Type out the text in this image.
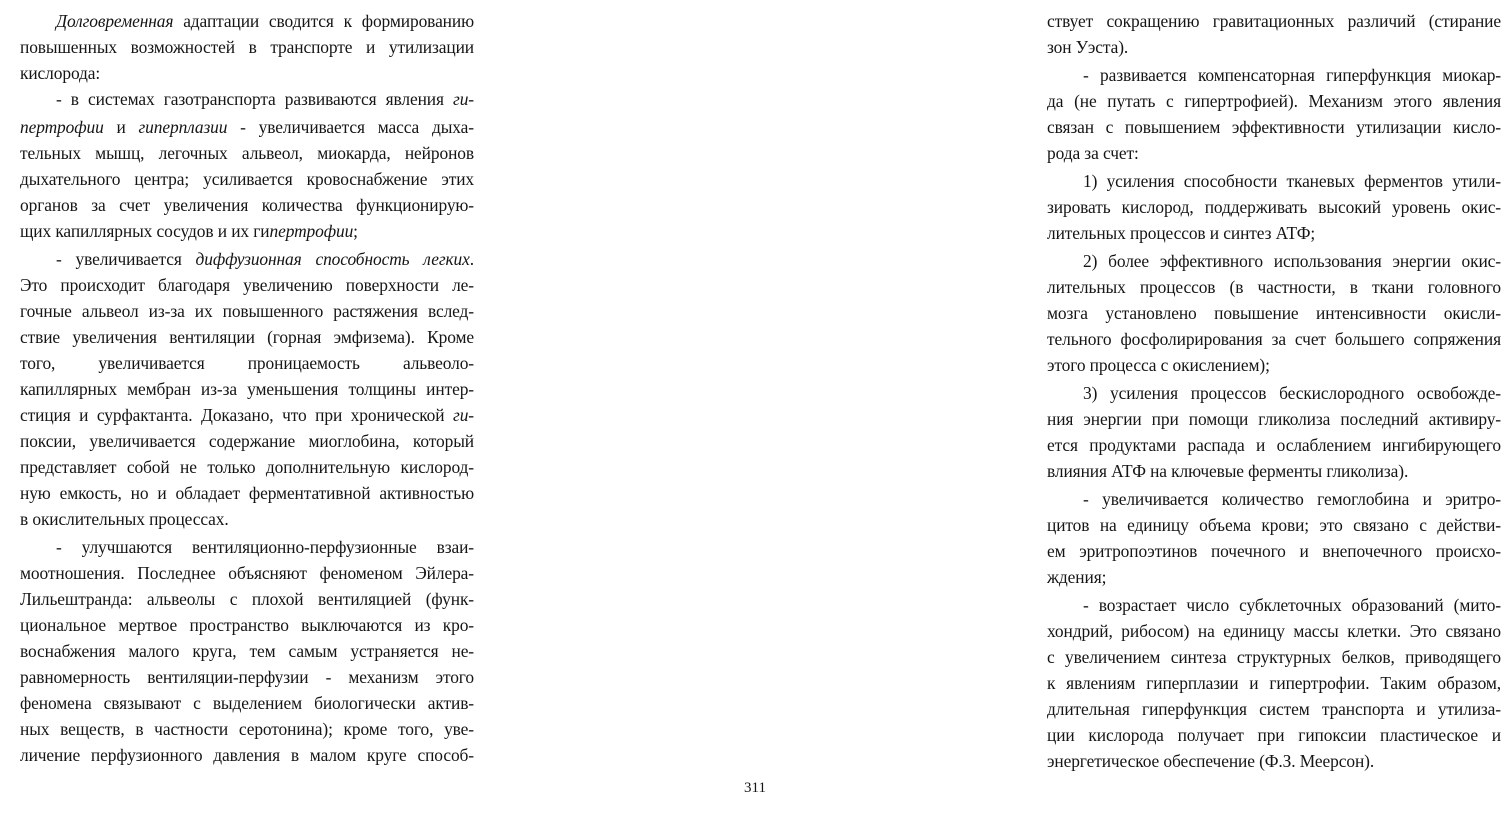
Долговременная адаптации сводится к формированию
повышенных возможностей в транспорте и утилизации
кислорода:
- в системах газотранспорта развиваются явления ги-
пертрофии и гиперплазии - увеличивается масса дыха-
тельных мышц, легочных альвеол, миокарда, нейронов
дыхательного центра; усиливается кровоснабжение этих
органов за счет увеличения количества функционирую-
щих капиллярных сосудов и их гипертрофии;
- увеличивается диффузионная способность легких.
Это происходит благодаря увеличению поверхности ле-
гочные альвеол из-за их повышенного растяжения вслед-
ствие увеличения вентиляции (горная эмфизема). Кроме
того, увеличивается проницаемость альвеоло-
капиллярных мембран из-за уменьшения толщины интер-
стиция и сурфактанта. Доказано, что при хронической ги-
поксии, увеличивается содержание миоглобина, который
представляет собой не только дополнительную кислород-
ную емкость, но и обладает ферментативной активностью
в окислительных процессах.
- улучшаются вентиляционно-перфузионные взаи-
моотношения. Последнее объясняют феноменом Эйлера-
Лильештранда: альвеолы с плохой вентиляцией (функ-
циональное мертвое пространство выключаются из кро-
воснабжения малого круга, тем самым устраняется не-
равномерность вентиляции-перфузии - механизм этого
феномена связывают с выделением биологически актив-
ных веществ, в частности серотонина); кроме того, уве-
личение перфузионного давления в малом круге способ-
ствует сокращению гравитационных различий (стирание
зон Уэста).
- развивается компенсаторная гиперфункция миокар-
да (не путать с гипертрофией). Механизм этого явления
связан с повышением эффективности утилизации кисло-
рода за счет:
1) усиления способности тканевых ферментов утили-
зировать кислород, поддерживать высокий уровень окис-
лительных процессов и синтез АТФ;
2) более эффективного использования энергии окис-
лительных процессов (в частности, в ткани головного
мозга установлено повышение интенсивности окисли-
тельного фосфолирирования за счет большего сопряжения
этого процесса с окислением);
3) усиления процессов бескислородного освобожде-
ния энергии при помощи гликолиза последний активиру-
ется продуктами распада и ослаблением ингибирующего
влияния АТФ на ключевые ферменты гликолиза).
- увеличивается количество гемоглобина и эритро-
цитов на единицу объема крови; это связано с действи-
ем эритропоэтинов почечного и внепочечного происхо-
ждения;
- возрастает число субклеточных образований (мито-
хондрий, рибосом) на единицу массы клетки. Это связано
с увеличением синтеза структурных белков, приводящего
к явлениям гиперплазии и гипертрофии. Таким образом,
длительная гиперфункция систем транспорта и утилиза-
ции кислорода получает при гипоксии пластическое и
энергетическое обеспечение (Ф.З. Меерсон).
311
